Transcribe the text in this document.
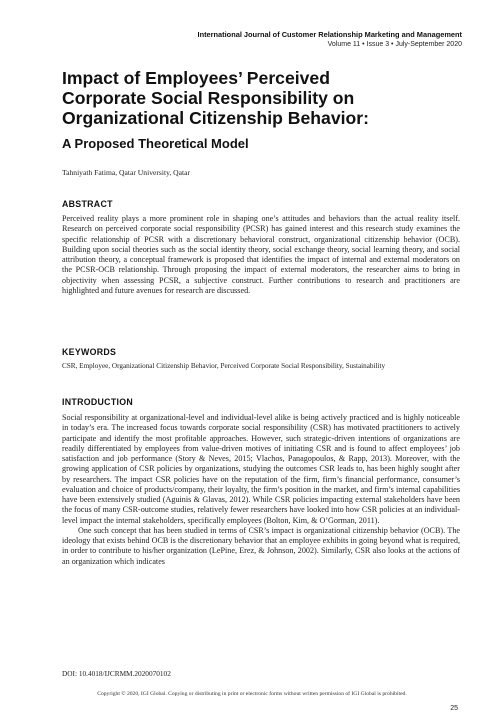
International Journal of Customer Relationship Marketing and Management
Volume 11 • Issue 3 • July-September 2020
Impact of Employees’ Perceived
Corporate Social Responsibility on
Organizational Citizenship Behavior:
A Proposed Theoretical Model
Tahniyath Fatima, Qatar University, Qatar
ABSTRACT

Perceived reality plays a more prominent role in shaping one’s attitudes and behaviors than the actual reality itself. Research on perceived corporate social responsibility (PCSR) has gained interest and this research study examines the specific relationship of PCSR with a discretionary behavioral construct, organizational citizenship behavior (OCB). Building upon social theories such as the social identity theory, social exchange theory, social learning theory, and social attribution theory, a conceptual framework is proposed that identifies the impact of internal and external moderators on the PCSR-OCB relationship. Through proposing the impact of external moderators, the researcher aims to bring in objectivity when assessing PCSR, a subjective construct. Further contributions to research and practitioners are highlighted and future avenues for research are discussed.

KEYWORDS
CSR, Employee, Organizational Citizenship Behavior, Perceived Corporate Social Responsibility, Sustainability
INTRODUCTION

Social responsibility at organizational-level and individual-level alike is being actively practiced and is highly noticeable in today’s era. The increased focus towards corporate social responsibility (CSR) has motivated practitioners to actively participate and identify the most profitable approaches. However, such strategic-driven intentions of organizations are readily differentiated by employees from value-driven motives of initiating CSR and is found to affect employees’ job satisfaction and job performance (Story & Neves, 2015; Vlachos, Panagopoulos, & Rapp, 2013). Moreover, with the growing application of CSR policies by organizations, studying the outcomes CSR leads to, has been highly sought after by researchers. The impact CSR policies have on the reputation of the firm, firm’s financial performance, consumer’s evaluation and choice of products/company, their loyalty, the firm’s position in the market, and firm’s internal capabilities have been extensively studied (Aguinis & Glavas, 2012). While CSR policies impacting external stakeholders have been the focus of many CSR-outcome studies, relatively fewer researchers have looked into how CSR policies at an individual-level impact the internal stakeholders, specifically employees (Bolton, Kim, & O’Gorman, 2011).

One such concept that has been studied in terms of CSR’s impact is organizational citizenship behavior (OCB). The ideology that exists behind OCB is the discretionary behavior that an employee exhibits in going beyond what is required, in order to contribute to his/her organization (LePine, Erez, & Johnson, 2002). Similarly, CSR also looks at the actions of an organization which indicates

DOI: 10.4018/IJCRMM.2020070102
Copyright © 2020, IGI Global. Copying or distributing in print or electronic forms without written permission of IGI Global is prohibited.
25
